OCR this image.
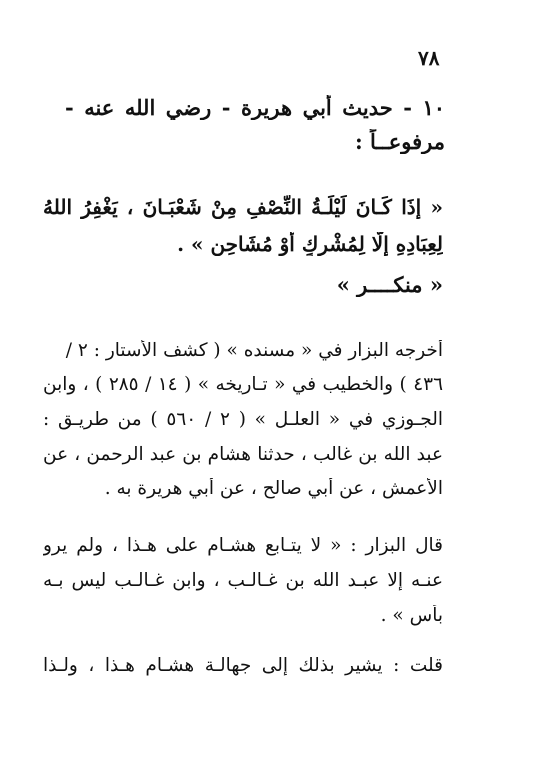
٧٨
١٠ - حديث أبي هريرة - رضي الله عنه -
مرفوعــاً :
« إِذَا كَـانَ لَيْلَـةُ النِّصْفِ مِنْ شَعْبَـانَ ، يَغْفِرُ اللهُ
لِعِبَادِهِ إِلَّا لِمُشْرِكٍ أَوْ مُشَاحِنٍ » .
« منكــــر »
أخرجه البزار في « مسنده » ( كشف الأستار : ٢ /
٤٣٦ ) والخطيب في « تـاريخه » ( ١٤ / ٢٨٥ ) ، وابن
الجـوزي في « العلـل » ( ٢ / ٥٦٠ ) من طريـق :
عبد الله بن غالب ، حدثنا هشام بن عبد الرحمن ، عن
الأعمش ، عن أبي صالح ، عن أبي هريرة به .
قال البزار : « لا يتـابع هشـام على هـذا ، ولم يرو
عنـه إلا عبـد الله بن غـالـب ، وابن غـالـب ليس بـه
بأس » .
قلت : يشير بذلك إلى جهالـة هشـام هـذا ، ولـذا
